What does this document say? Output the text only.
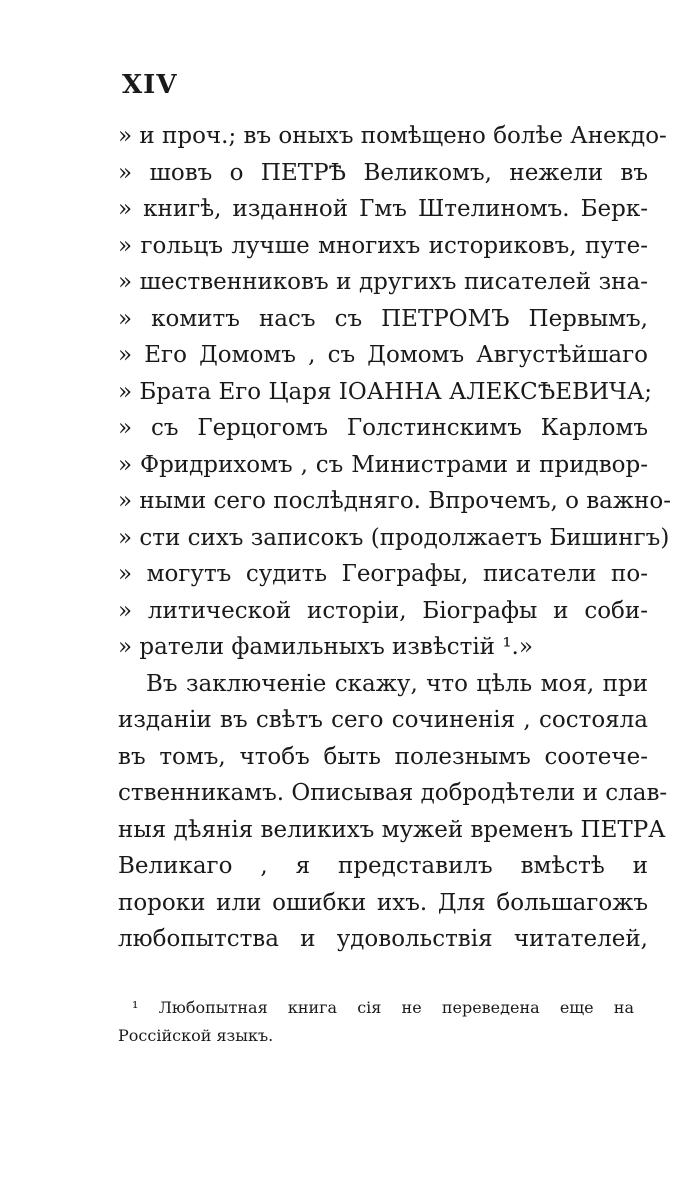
XIV
» и проч.; въ оныхъ помѣщено болѣе Анекдо-
» шовъ о ПЕТРѢ Великомъ, нежели въ
» книгѣ, изданной Гмъ Штелиномъ. Берк-
» гольцъ лучше многихъ историковъ, путе-
» шественниковъ и другихъ писателей зна-
» комитъ насъ съ ПЕТРОМЪ Первымъ,
» Его Домомъ , съ Домомъ Августѣйшаго
» Брата Его Царя ІОАННА АЛЕКСѢЕВИЧА;
» съ Герцогомъ Голстинскимъ Карломъ
» Фридрихомъ , съ Министрами и придвор-
» ными сего послѣдняго. Впрочемъ, о важно-
» сти сихъ записокъ (продолжаетъ Бишингъ)
» могутъ судить Географы, писатели по-
» литической исторіи, Біографы и соби-
» ратели фамильныхъ извѣстій ¹.»
Въ заключеніе скажу, что цѣль моя, при
изданіи въ свѣтъ сего сочиненія , состояла
въ томъ, чтобъ быть полезнымъ соотече-
ственникамъ. Описывая добродѣтели и слав-
ныя дѣянія великихъ мужей временъ ПЕТРА
Великаго , я представилъ вмѣстѣ и
пороки или ошибки ихъ. Для большагожъ
любопытства и удовольствія читателей,
¹ Любопытная книга сія не переведена еще на
Россійской языкъ.
